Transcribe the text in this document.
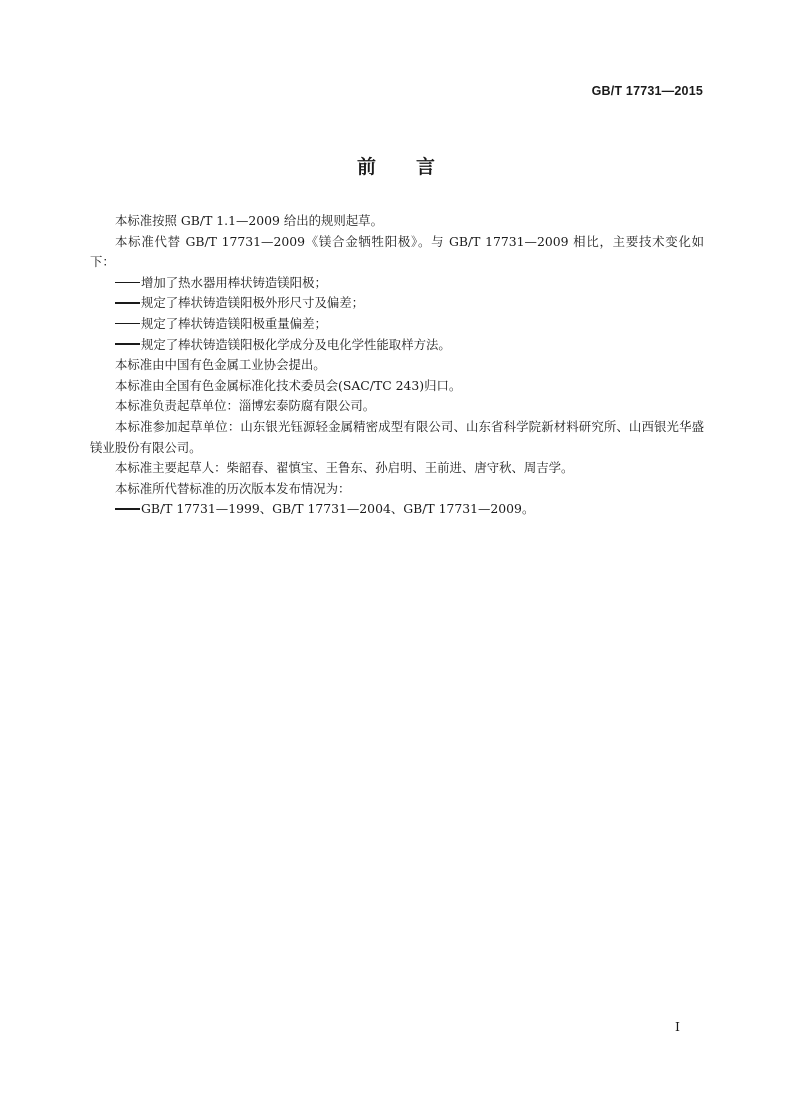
GB/T 17731—2015
前 言

本标准按照 GB/T 1.1—2009 给出的规则起草。

本标准代替 GB/T 17731—2009《镁合金牺牲阳极》。与 GB/T 17731—2009 相比，主要技术变化如下：

增加了热水器用棒状铸造镁阳极；

规定了棒状铸造镁阳极外形尺寸及偏差；

规定了棒状铸造镁阳极重量偏差；

规定了棒状铸造镁阳极化学成分及电化学性能取样方法。

本标准由中国有色金属工业协会提出。

本标准由全国有色金属标准化技术委员会(SAC/TC 243)归口。

本标准负责起草单位：淄博宏泰防腐有限公司。

本标准参加起草单位：山东银光钰源轻金属精密成型有限公司、山东省科学院新材料研究所、山西银光华盛镁业股份有限公司。

本标准主要起草人：柴韶春、翟慎宝、王鲁东、孙启明、王前进、唐守秋、周吉学。

本标准所代替标准的历次版本发布情况为：

GB/T 17731—1999、GB/T 17731—2004、GB/T 17731—2009。

I
